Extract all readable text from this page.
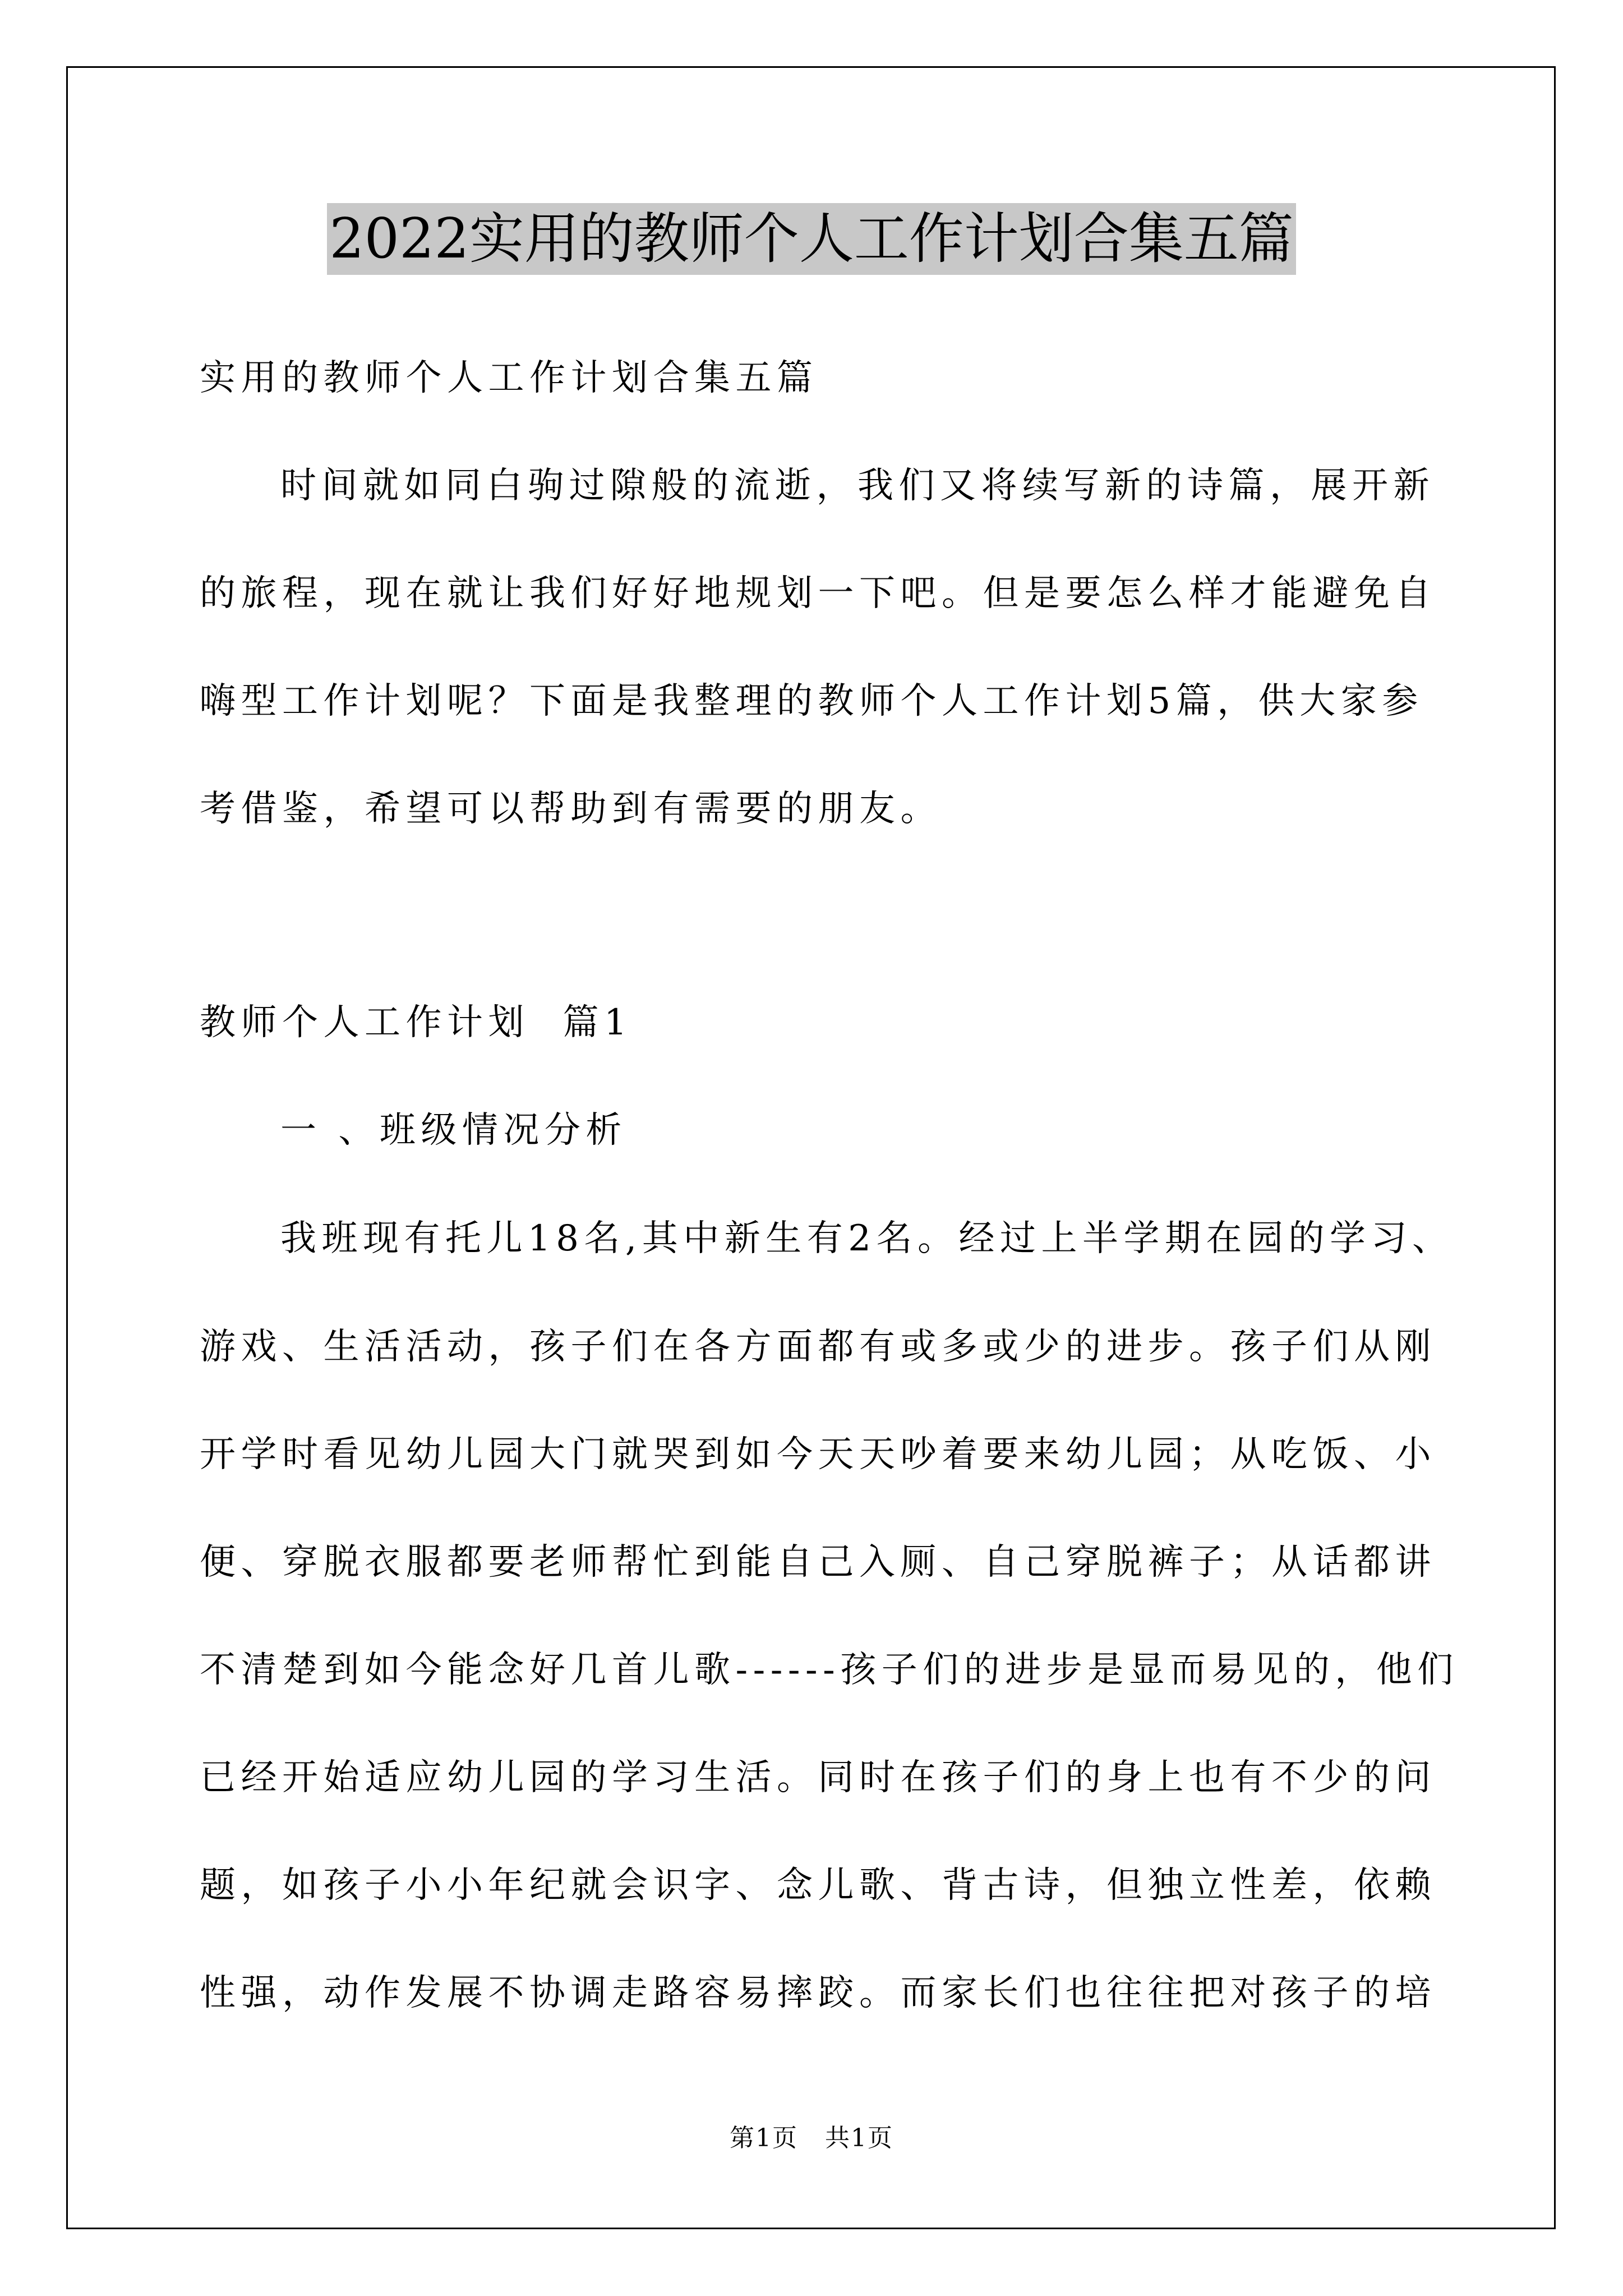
2022实用的教师个人工作计划合集五篇
实用的教师个人工作计划合集五篇
时间就如同白驹过隙般的流逝，我们又将续写新的诗篇，展开新
的旅程，现在就让我们好好地规划一下吧。但是要怎么样才能避免自
嗨型工作计划呢？下面是我整理的教师个人工作计划5篇，供大家参
考借鉴，希望可以帮助到有需要的朋友。
教师个人工作计划  篇1
一 、班级情况分析
我班现有托儿18名,其中新生有2名。经过上半学期在园的学习、
游戏、生活活动，孩子们在各方面都有或多或少的进步。孩子们从刚
开学时看见幼儿园大门就哭到如今天天吵着要来幼儿园；从吃饭、小
便、穿脱衣服都要老师帮忙到能自己入厕、自己穿脱裤子；从话都讲
不清楚到如今能念好几首儿歌------孩子们的进步是显而易见的，他们
已经开始适应幼儿园的学习生活。同时在孩子们的身上也有不少的问
题，如孩子小小年纪就会识字、念儿歌、背古诗，但独立性差，依赖
性强，动作发展不协调走路容易摔跤。而家长们也往往把对孩子的培
第1页   共1页
